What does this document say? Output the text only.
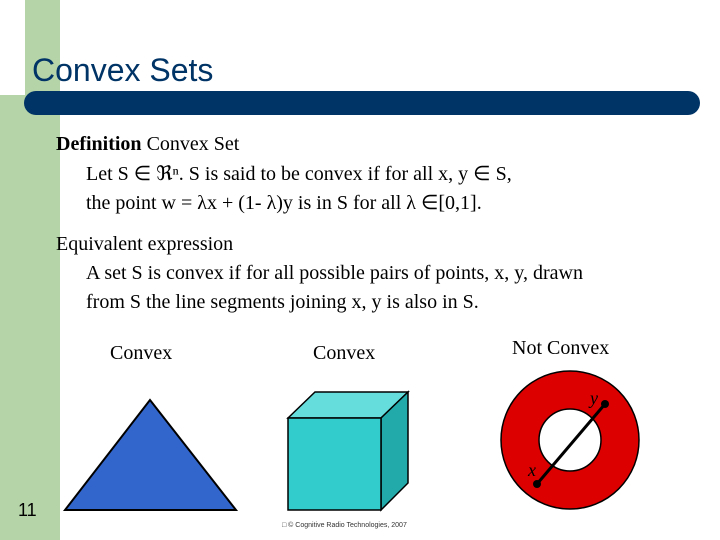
Convex Sets
Definition Convex Set
Let S ∈ ℜⁿ. S is said to be convex if for all x, y ∈ S,
the point w = λx + (1- λ)y is in S for all λ ∈[0,1].
Equivalent expression
A set S is convex if for all possible pairs of points, x, y, drawn
from S the line segments joining x, y is also in S.
Convex	Convex	Not Convex
y
x
11
□ © Cognitive Radio Technologies, 2007
